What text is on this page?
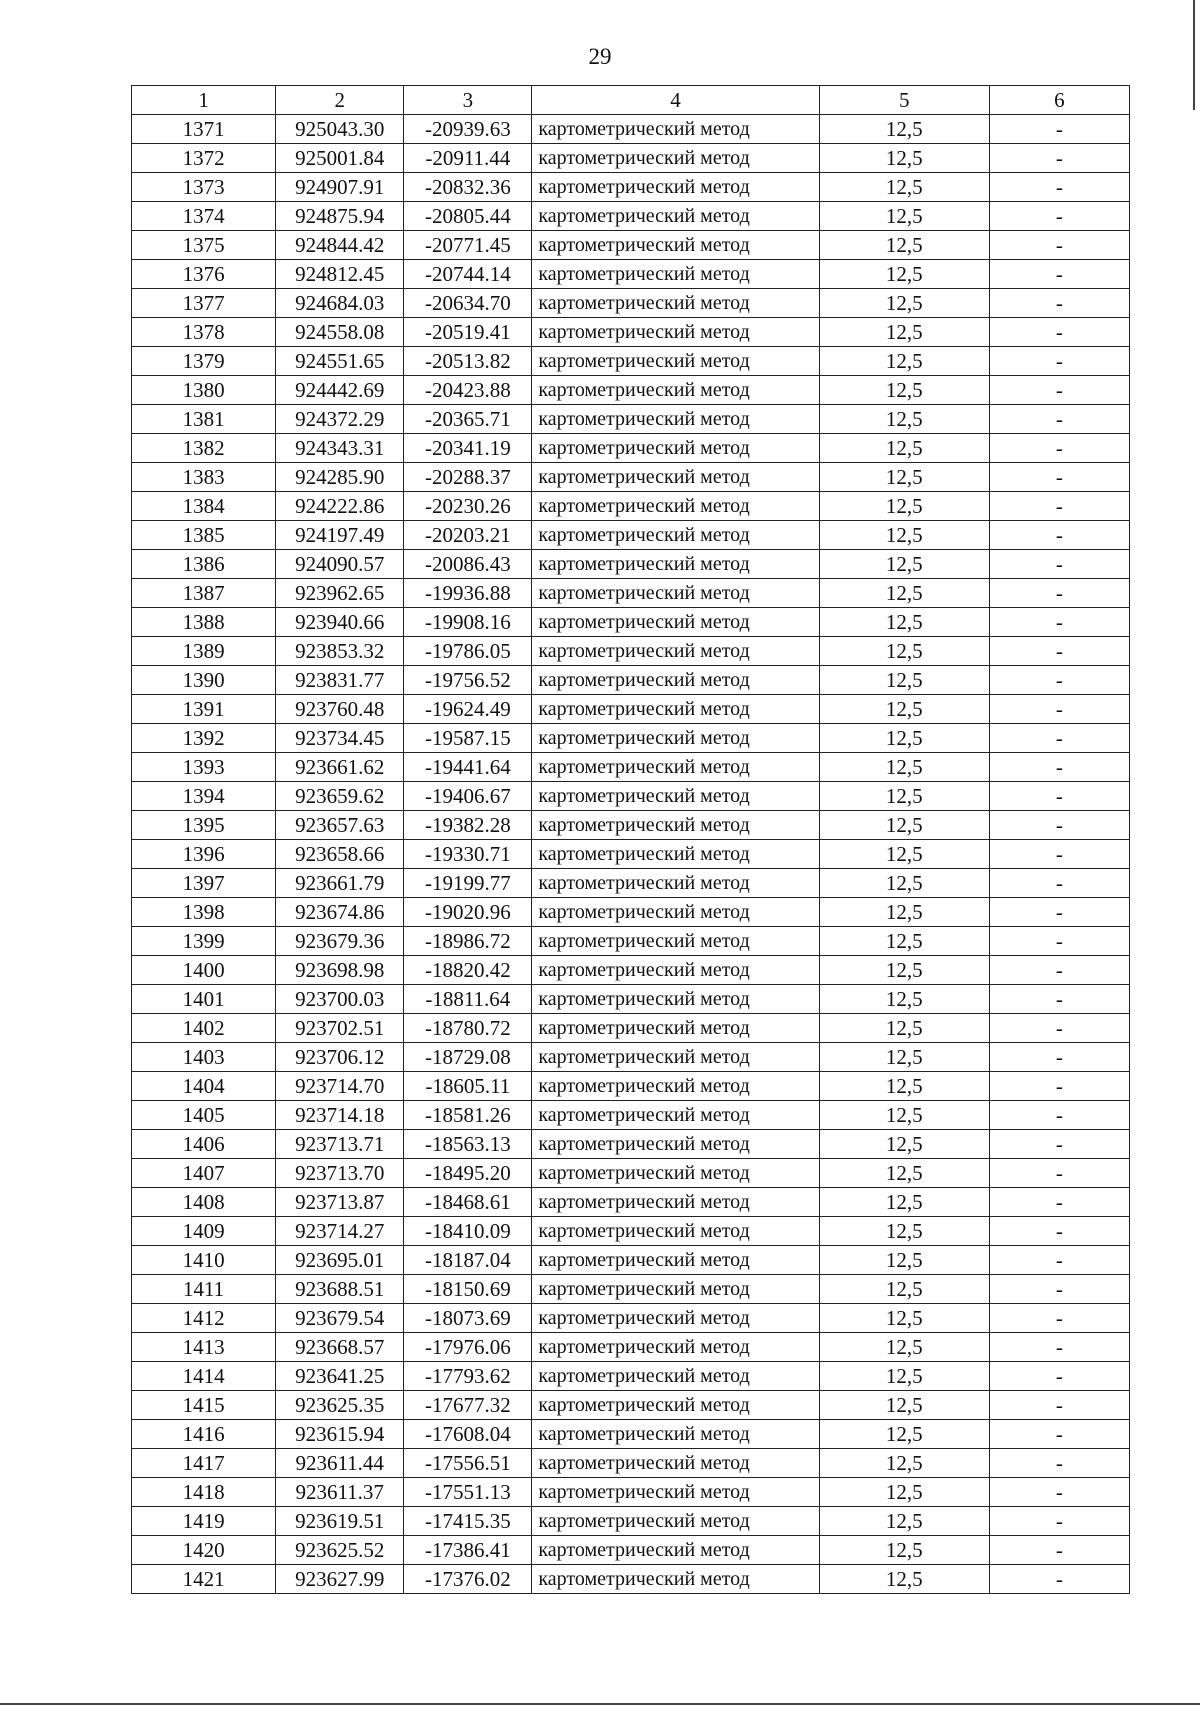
29
1	2	3	4	5	6
1371	925043.30	-20939.63	картометрический метод	12,5	-
1372	925001.84	-20911.44	картометрический метод	12,5	-
1373	924907.91	-20832.36	картометрический метод	12,5	-
1374	924875.94	-20805.44	картометрический метод	12,5	-
1375	924844.42	-20771.45	картометрический метод	12,5	-
1376	924812.45	-20744.14	картометрический метод	12,5	-
1377	924684.03	-20634.70	картометрический метод	12,5	-
1378	924558.08	-20519.41	картометрический метод	12,5	-
1379	924551.65	-20513.82	картометрический метод	12,5	-
1380	924442.69	-20423.88	картометрический метод	12,5	-
1381	924372.29	-20365.71	картометрический метод	12,5	-
1382	924343.31	-20341.19	картометрический метод	12,5	-
1383	924285.90	-20288.37	картометрический метод	12,5	-
1384	924222.86	-20230.26	картометрический метод	12,5	-
1385	924197.49	-20203.21	картометрический метод	12,5	-
1386	924090.57	-20086.43	картометрический метод	12,5	-
1387	923962.65	-19936.88	картометрический метод	12,5	-
1388	923940.66	-19908.16	картометрический метод	12,5	-
1389	923853.32	-19786.05	картометрический метод	12,5	-
1390	923831.77	-19756.52	картометрический метод	12,5	-
1391	923760.48	-19624.49	картометрический метод	12,5	-
1392	923734.45	-19587.15	картометрический метод	12,5	-
1393	923661.62	-19441.64	картометрический метод	12,5	-
1394	923659.62	-19406.67	картометрический метод	12,5	-
1395	923657.63	-19382.28	картометрический метод	12,5	-
1396	923658.66	-19330.71	картометрический метод	12,5	-
1397	923661.79	-19199.77	картометрический метод	12,5	-
1398	923674.86	-19020.96	картометрический метод	12,5	-
1399	923679.36	-18986.72	картометрический метод	12,5	-
1400	923698.98	-18820.42	картометрический метод	12,5	-
1401	923700.03	-18811.64	картометрический метод	12,5	-
1402	923702.51	-18780.72	картометрический метод	12,5	-
1403	923706.12	-18729.08	картометрический метод	12,5	-
1404	923714.70	-18605.11	картометрический метод	12,5	-
1405	923714.18	-18581.26	картометрический метод	12,5	-
1406	923713.71	-18563.13	картометрический метод	12,5	-
1407	923713.70	-18495.20	картометрический метод	12,5	-
1408	923713.87	-18468.61	картометрический метод	12,5	-
1409	923714.27	-18410.09	картометрический метод	12,5	-
1410	923695.01	-18187.04	картометрический метод	12,5	-
1411	923688.51	-18150.69	картометрический метод	12,5	-
1412	923679.54	-18073.69	картометрический метод	12,5	-
1413	923668.57	-17976.06	картометрический метод	12,5	-
1414	923641.25	-17793.62	картометрический метод	12,5	-
1415	923625.35	-17677.32	картометрический метод	12,5	-
1416	923615.94	-17608.04	картометрический метод	12,5	-
1417	923611.44	-17556.51	картометрический метод	12,5	-
1418	923611.37	-17551.13	картометрический метод	12,5	-
1419	923619.51	-17415.35	картометрический метод	12,5	-
1420	923625.52	-17386.41	картометрический метод	12,5	-
1421	923627.99	-17376.02	картометрический метод	12,5	-
